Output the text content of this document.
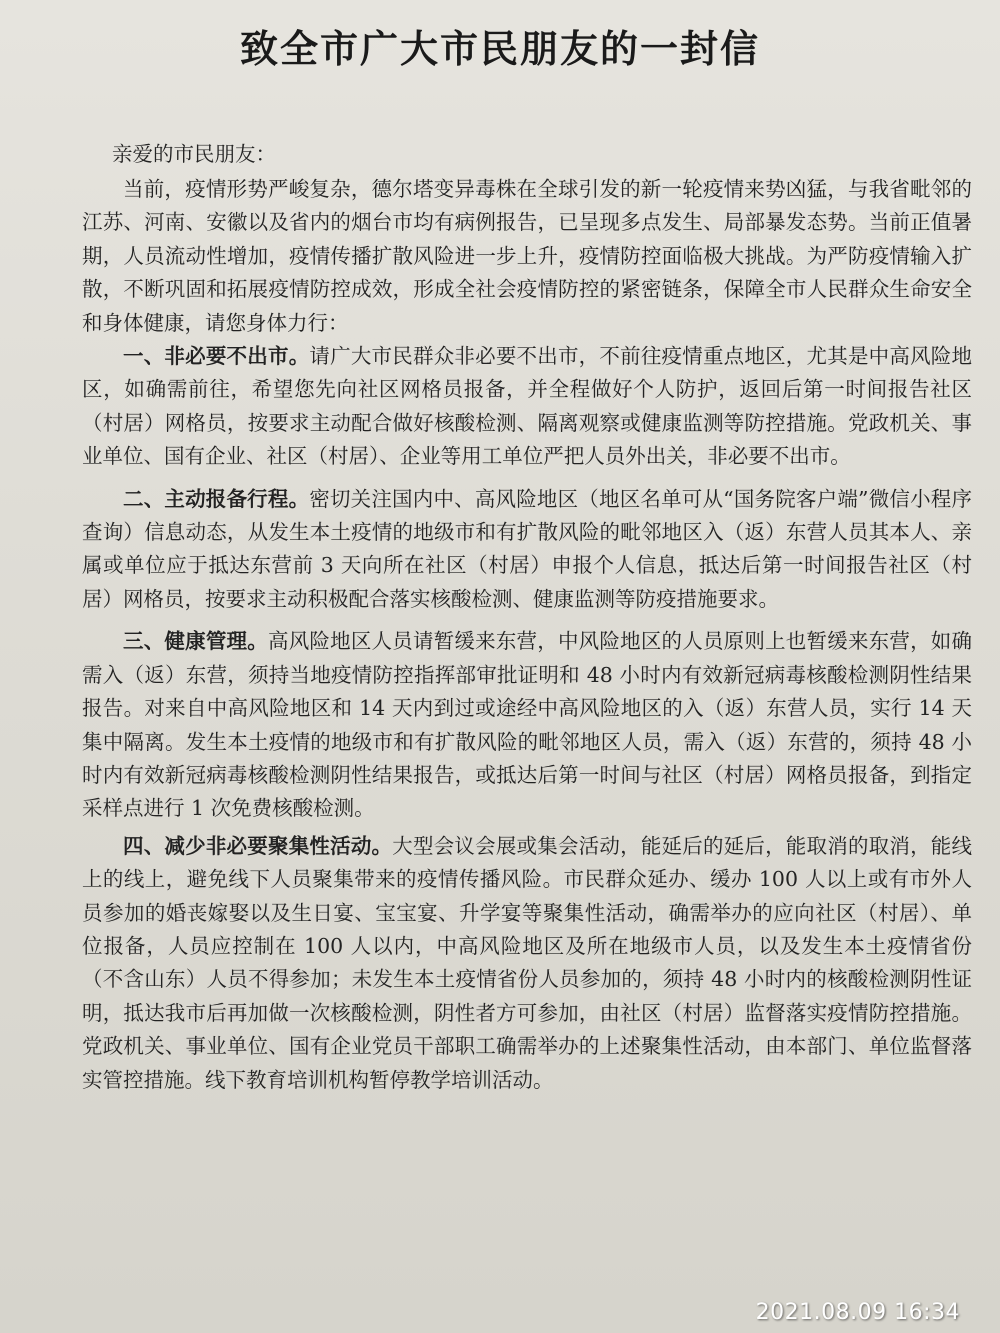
致全市广大市民朋友的一封信

亲爱的市民朋友：

当前，疫情形势严峻复杂，德尔塔变异毒株在全球引发的新一轮疫情来势凶猛，与我省毗邻的江苏、河南、安徽以及省内的烟台市均有病例报告，已呈现多点发生、局部暴发态势。当前正值暑期，人员流动性增加，疫情传播扩散风险进一步上升，疫情防控面临极大挑战。为严防疫情输入扩散，不断巩固和拓展疫情防控成效，形成全社会疫情防控的紧密链条，保障全市人民群众生命安全和身体健康，请您身体力行：

一、非必要不出市。请广大市民群众非必要不出市，不前往疫情重点地区，尤其是中高风险地区，如确需前往，希望您先向社区网格员报备，并全程做好个人防护，返回后第一时间报告社区（村居）网格员，按要求主动配合做好核酸检测、隔离观察或健康监测等防控措施。党政机关、事业单位、国有企业、社区（村居）、企业等用工单位严把人员外出关，非必要不出市。

二、主动报备行程。密切关注国内中、高风险地区（地区名单可从“国务院客户端”微信小程序查询）信息动态，从发生本土疫情的地级市和有扩散风险的毗邻地区入（返）东营人员其本人、亲属或单位应于抵达东营前 3 天向所在社区（村居）申报个人信息，抵达后第一时间报告社区（村居）网格员，按要求主动积极配合落实核酸检测、健康监测等防疫措施要求。

三、健康管理。高风险地区人员请暂缓来东营，中风险地区的人员原则上也暂缓来东营，如确需入（返）东营，须持当地疫情防控指挥部审批证明和 48 小时内有效新冠病毒核酸检测阴性结果报告。对来自中高风险地区和 14 天内到过或途经中高风险地区的入（返）东营人员，实行 14 天集中隔离。发生本土疫情的地级市和有扩散风险的毗邻地区人员，需入（返）东营的，须持 48 小时内有效新冠病毒核酸检测阴性结果报告，或抵达后第一时间与社区（村居）网格员报备，到指定采样点进行 1 次免费核酸检测。

四、减少非必要聚集性活动。大型会议会展或集会活动，能延后的延后，能取消的取消，能线上的线上，避免线下人员聚集带来的疫情传播风险。市民群众延办、缓办 100 人以上或有市外人员参加的婚丧嫁娶以及生日宴、宝宝宴、升学宴等聚集性活动，确需举办的应向社区（村居）、单位报备，人员应控制在 100 人以内，中高风险地区及所在地级市人员，以及发生本土疫情省份（不含山东）人员不得参加；未发生本土疫情省份人员参加的，须持 48 小时内的核酸检测阴性证明，抵达我市后再加做一次核酸检测，阴性者方可参加，由社区（村居）监督落实疫情防控措施。党政机关、事业单位、国有企业党员干部职工确需举办的上述聚集性活动，由本部门、单位监督落实管控措施。线下教育培训机构暂停教学培训活动。

2021.08.09 16:34
